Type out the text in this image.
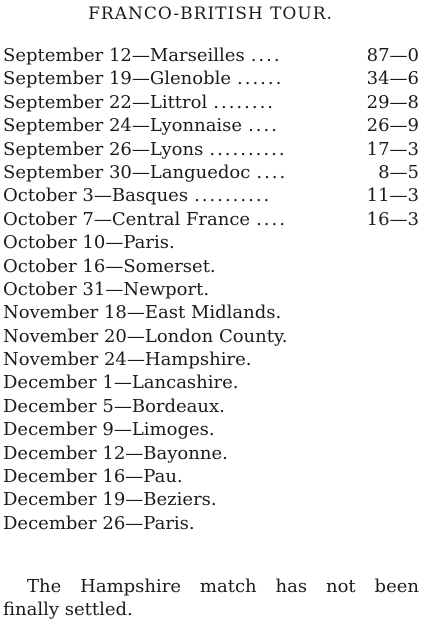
FRANCO-BRITISH TOUR.
September 12—Marseilles ....	87—0
September 19—Glenoble ......	34—6
September 22—Littrol ........	29—8
September 24—Lyonnaise ....	26—9
September 26—Lyons ..........	17—3
September 30—Languedoc ....	8—5
October 3—Basques ..........	11—3
October 7—Central France ....	16—3
October 10—Paris.
October 16—Somerset.
October 31—Newport.
November 18—East Midlands.
November 20—London County.
November 24—Hampshire.
December 1—Lancashire.
December 5—Bordeaux.
December 9—Limoges.
December 12—Bayonne.
December 16—Pau.
December 19—Beziers.
December 26—Paris.
The Hampshire match has not been
finally settled.
